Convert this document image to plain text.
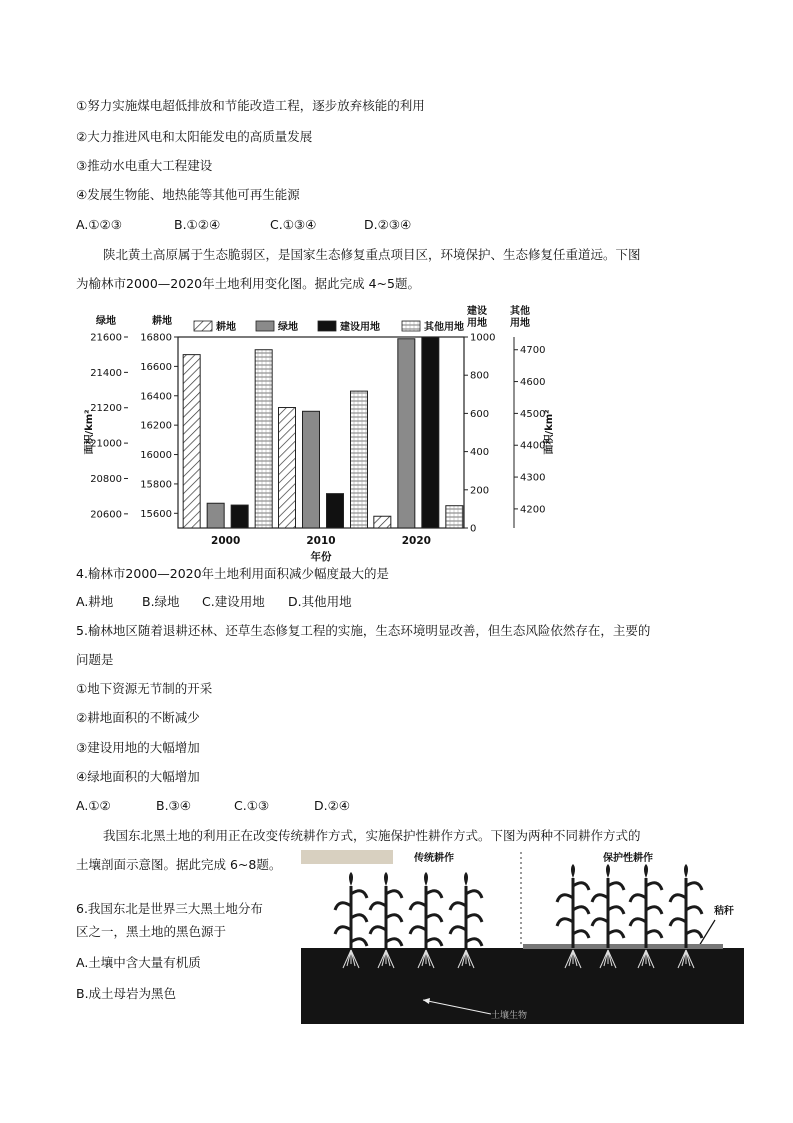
①努力实施煤电超低排放和节能改造工程，逐步放弃核能的利用
②大力推进风电和太阳能发电的高质量发展
③推动水电重大工程建设
④发展生物能、地热能等其他可再生能源
A.①②③	B.①②④	C.①③④	D.②③④
陕北黄土高原属于生态脆弱区，是国家生态修复重点项目区，环境保护、生态修复任重道远。下图
为榆林市2000—2020年土地利用变化图。据此完成 4~5题。
20600
20800
21000
21200
21400
21600
绿地
15600
15800
16000
16200
16400
16600
16800
耕地
0
200
400
600
800
1000
建设
用地
4200
4300
4400
4500
4600
4700
其他
用地
面积/km²	面积/km²
2000	2010	2020
年份
耕地	绿地	建设用地	其他用地
4.榆林市2000—2020年土地利用面积减少幅度最大的是
A.耕地 B.绿地 C.建设用地 D.其他用地
5.榆林地区随着退耕还林、还草生态修复工程的实施，生态环境明显改善，但生态风险依然存在，主要的
问题是
①地下资源无节制的开采
②耕地面积的不断减少
③建设用地的大幅增加
④绿地面积的大幅增加
A.①②	B.③④	C.①③	D.②④
我国东北黑土地的利用正在改变传统耕作方式，实施保护性耕作方式。下图为两种不同耕作方式的
土壤剖面示意图。据此完成 6~8题。
6.我国东北是世界三大黑土地分布
区之一，黑土地的黑色源于
A.土壤中含大量有机质
B.成土母岩为黑色
传统耕作	保护性耕作
秸秆
土壤生物
